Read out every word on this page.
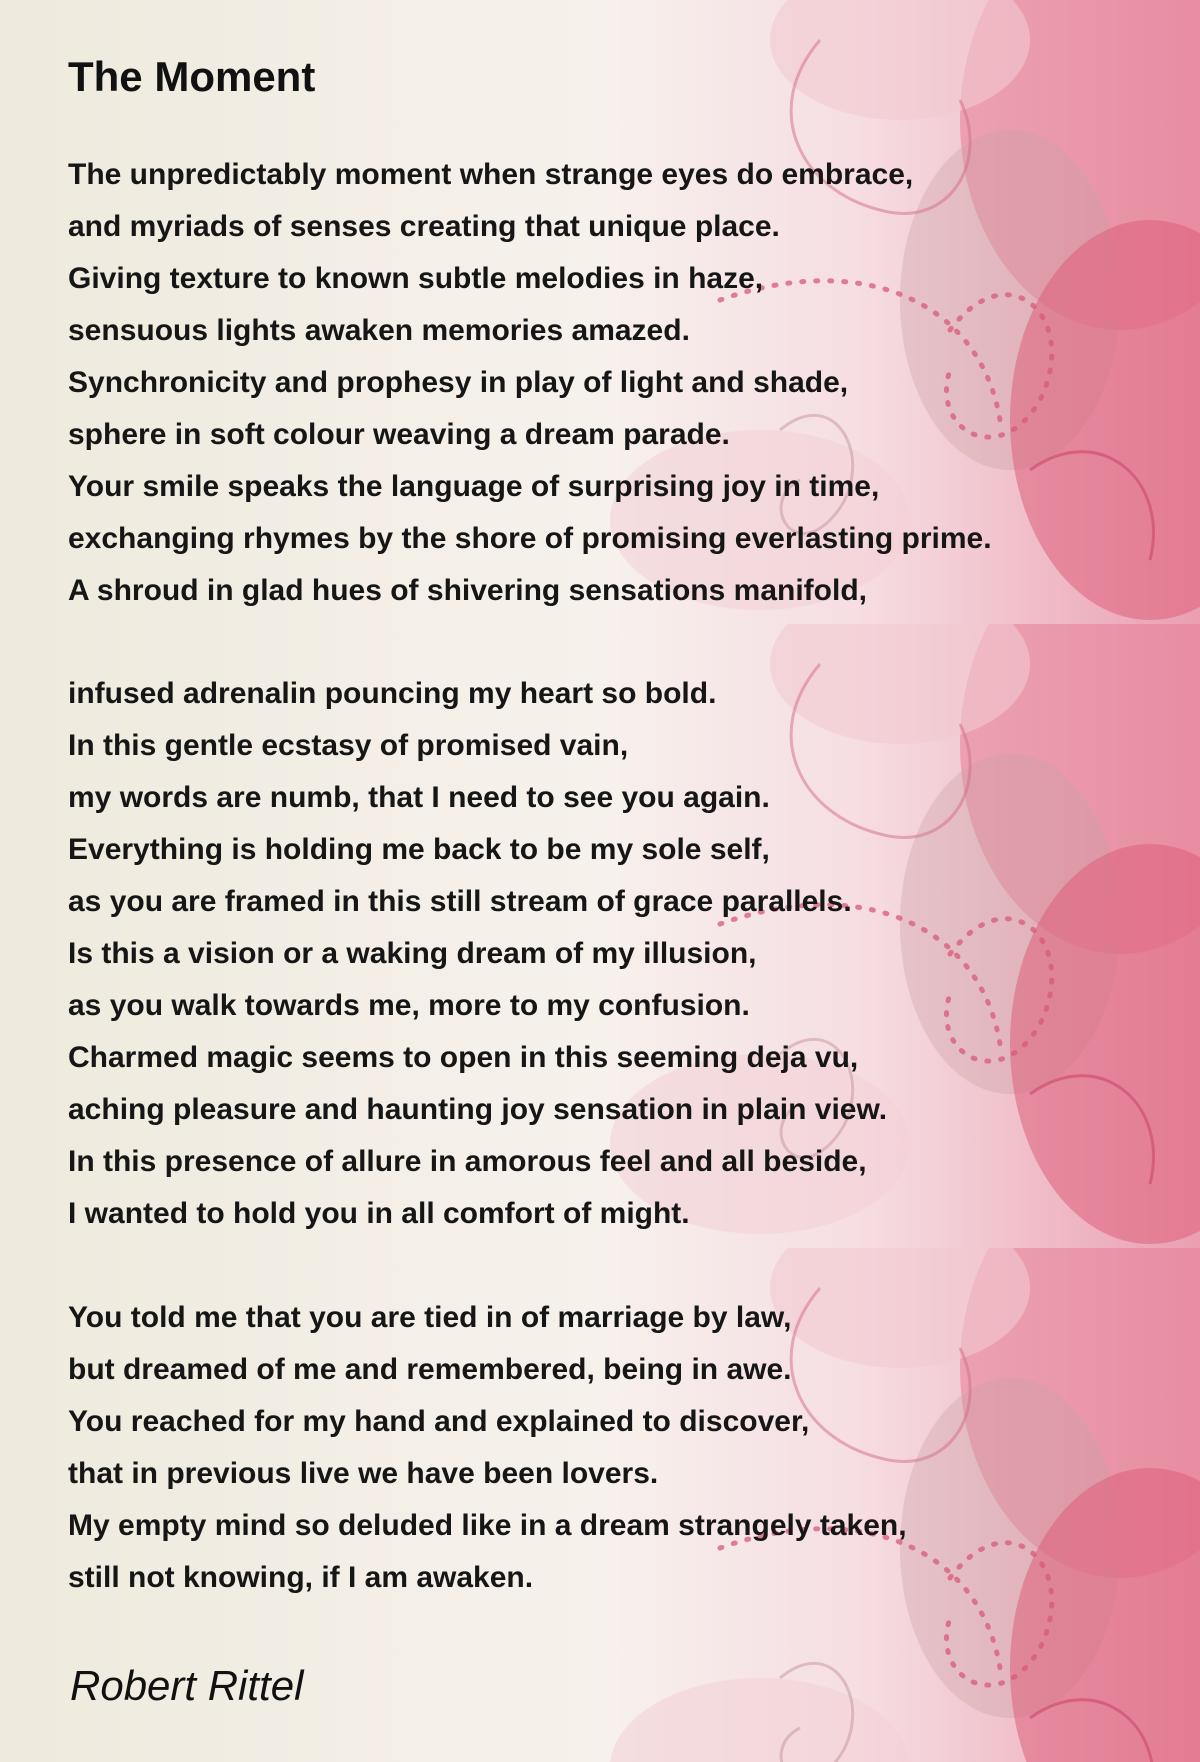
The Moment
The unpredictably moment when strange eyes do embrace,
and myriads of senses creating that unique place.
Giving texture to known subtle melodies in haze,
sensuous lights awaken memories amazed.
Synchronicity and prophesy in play of light and shade,
sphere in soft colour weaving a dream parade.
Your smile speaks the language of surprising joy in time,
exchanging rhymes by the shore of promising everlasting prime.
A shroud in glad hues of shivering sensations manifold,
infused adrenalin pouncing my heart so bold.
In this gentle ecstasy of promised vain,
my words are numb, that I need to see you again.
Everything is holding me back to be my sole self,
as you are framed in this still stream of grace parallels.
Is this a vision or a waking dream of my illusion,
as you walk towards me, more to my confusion.
Charmed magic seems to open in this seeming deja vu,
aching pleasure and haunting joy sensation in plain view.
In this presence of allure in amorous feel and all beside,
I wanted to hold you in all comfort of might.
You told me that you are tied in of marriage by law,
but dreamed of me and remembered, being in awe.
You reached for my hand and explained to discover,
that in previous live we have been lovers.
My empty mind so deluded like in a dream strangely taken,
still not knowing, if I am awaken.

Robert Rittel
